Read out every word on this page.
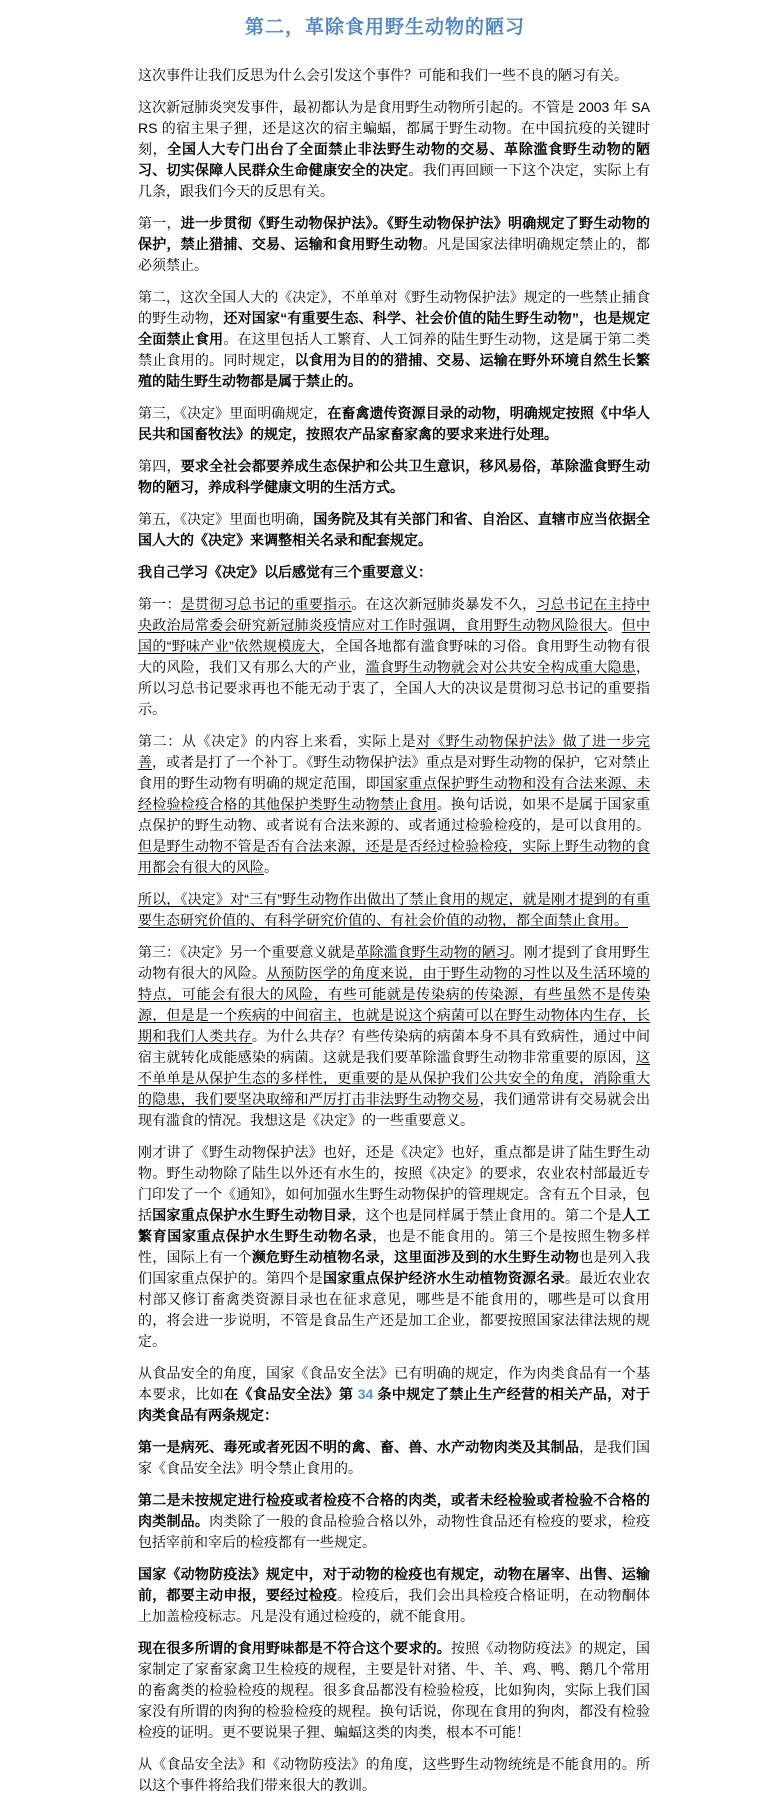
第二，革除食用野生动物的陋习

这次事件让我们反思为什么会引发这个事件？可能和我们一些不良的陋习有关。

这次新冠肺炎突发事件，最初都认为是食用野生动物所引起的。不管是 2003 年 SARS 的宿主果子狸，还是这次的宿主蝙蝠，都属于野生动物。在中国抗疫的关键时刻，全国人大专门出台了全面禁止非法野生动物的交易、革除滥食野生动物的陋习、切实保障人民群众生命健康安全的决定。我们再回顾一下这个决定，实际上有几条，跟我们今天的反思有关。

第一，进一步贯彻《野生动物保护法》。《野生动物保护法》明确规定了野生动物的保护，禁止猎捕、交易、运输和食用野生动物。凡是国家法律明确规定禁止的，都必须禁止。

第二，这次全国人大的《决定》，不单单对《野生动物保护法》规定的一些禁止捕食的野生动物，还对国家“有重要生态、科学、社会价值的陆生野生动物”，也是规定全面禁止食用。在这里包括人工繁育、人工饲养的陆生野生动物，这是属于第二类禁止食用的。同时规定，以食用为目的的猎捕、交易、运输在野外环境自然生长繁殖的陆生野生动物都是属于禁止的。

第三，《决定》里面明确规定，在畜禽遗传资源目录的动物，明确规定按照《中华人民共和国畜牧法》的规定，按照农产品家畜家禽的要求来进行处理。

第四，要求全社会都要养成生态保护和公共卫生意识，移风易俗，革除滥食野生动物的陋习，养成科学健康文明的生活方式。

第五，《决定》里面也明确，国务院及其有关部门和省、自治区、直辖市应当依据全国人大的《决定》来调整相关名录和配套规定。

我自己学习《决定》以后感觉有三个重要意义：

第一：是贯彻习总书记的重要指示。在这次新冠肺炎暴发不久，习总书记在主持中央政治局常委会研究新冠肺炎疫情应对工作时强调，食用野生动物风险很大。但中国的“野味产业”依然规模庞大，全国各地都有滥食野味的习俗。食用野生动物有很大的风险，我们又有那么大的产业，滥食野生动物就会对公共安全构成重大隐患，所以习总书记要求再也不能无动于衷了，全国人大的决议是贯彻习总书记的重要指示。

第二：从《决定》的内容上来看，实际上是对《野生动物保护法》做了进一步完善，或者是打了一个补丁。《野生动物保护法》重点是对野生动物的保护，它对禁止食用的野生动物有明确的规定范围，即国家重点保护野生动物和没有合法来源、未经检验检疫合格的其他保护类野生动物禁止食用。换句话说，如果不是属于国家重点保护的野生动物、或者说有合法来源的、或者通过检验检疫的，是可以食用的。但是野生动物不管是否有合法来源，还是是否经过检验检疫，实际上野生动物的食用都会有很大的风险。

所以，《决定》对“三有”野生动物作出做出了禁止食用的规定，就是刚才提到的有重要生态研究价值的、有科学研究价值的、有社会价值的动物，都全面禁止食用。

第三：《决定》另一个重要意义就是革除滥食野生动物的陋习。刚才提到了食用野生动物有很大的风险。从预防医学的角度来说，由于野生动物的习性以及生活环境的特点，可能会有很大的风险，有些可能就是传染病的传染源，有些虽然不是传染源，但是是一个疾病的中间宿主，也就是说这个病菌可以在野生动物体内生存，长期和我们人类共存。为什么共存？有些传染病的病菌本身不具有致病性，通过中间宿主就转化成能感染的病菌。这就是我们要革除滥食野生动物非常重要的原因，这不单单是从保护生态的多样性，更重要的是从保护我们公共安全的角度，消除重大的隐患，我们要坚决取缔和严厉打击非法野生动物交易，我们通常讲有交易就会出现有滥食的情况。我想这是《决定》的一些重要意义。

刚才讲了《野生动物保护法》也好，还是《决定》也好，重点都是讲了陆生野生动物。野生动物除了陆生以外还有水生的，按照《决定》的要求，农业农村部最近专门印发了一个《通知》，如何加强水生野生动物保护的管理规定。含有五个目录，包括国家重点保护水生野生动物目录，这个也是同样属于禁止食用的。第二个是人工繁育国家重点保护水生野生动物名录，也是不能食用的。第三个是按照生物多样性，国际上有一个濒危野生动植物名录，这里面涉及到的水生野生动物也是列入我们国家重点保护的。第四个是国家重点保护经济水生动植物资源名录。最近农业农村部又修订畜禽类资源目录也在征求意见，哪些是不能食用的，哪些是可以食用的，将会进一步说明，不管是食品生产还是加工企业，都要按照国家法律法规的规定。

从食品安全的角度，国家《食品安全法》已有明确的规定，作为肉类食品有一个基本要求，比如在《食品安全法》第 34 条中规定了禁止生产经营的相关产品，对于肉类食品有两条规定：

第一是病死、毒死或者死因不明的禽、畜、兽、水产动物肉类及其制品，是我们国家《食品安全法》明令禁止食用的。

第二是未按规定进行检疫或者检疫不合格的肉类，或者未经检验或者检验不合格的肉类制品。肉类除了一般的食品检验合格以外，动物性食品还有检疫的要求，检疫包括宰前和宰后的检疫都有一些规定。

国家《动物防疫法》规定中，对于动物的检疫也有规定，动物在屠宰、出售、运输前，都要主动申报，要经过检疫。检疫后，我们会出具检疫合格证明，在动物酮体上加盖检疫标志。凡是没有通过检疫的，就不能食用。

现在很多所谓的食用野味都是不符合这个要求的。按照《动物防疫法》的规定，国家制定了家畜家禽卫生检疫的规程，主要是针对猪、牛、羊、鸡、鸭、鹅几个常用的畜禽类的检验检疫的规程。很多食品都没有检验检疫，比如狗肉，实际上我们国家没有所谓的肉狗的检验检疫的规程。换句话说，你现在食用的狗肉，都没有检验检疫的证明。更不要说果子狸、蝙蝠这类的肉类，根本不可能！

从《食品安全法》和《动物防疫法》的角度，这些野生动物统统是不能食用的。所以这个事件将给我们带来很大的教训。
